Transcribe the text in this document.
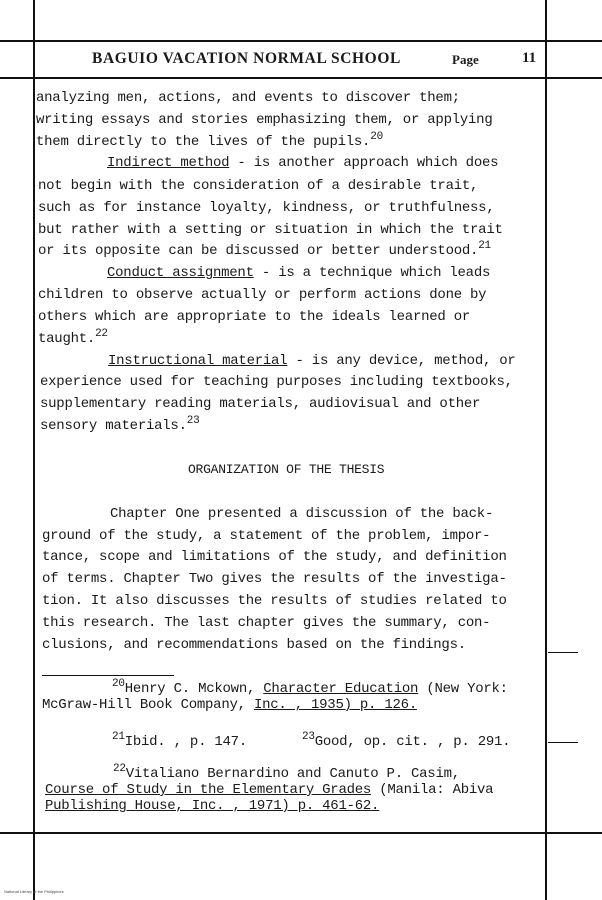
BAGUIO VACATION NORMAL SCHOOL	Page	11
analyzing men, actions, and events to discover them;
writing essays and stories emphasizing them, or applying
them directly to the lives of the pupils.$^{20}$
Indirect method - is another approach which does
not begin with the consideration of a desirable trait,
such as for instance loyalty, kindness, or truthfulness,
but rather with a setting or situation in which the trait
or its opposite can be discussed or better understood.$^{21}$
Conduct assignment - is a technique which leads
children to observe actually or perform actions done by
others which are appropriate to the ideals learned or
taught.$^{22}$
Instructional material - is any device, method, or
experience used for teaching purposes including textbooks,
supplementary reading materials, audiovisual and other
sensory materials.$^{23}$
ORGANIZATION OF THE THESIS
Chapter One presented a discussion of the back-
ground of the study, a statement of the problem, impor-
tance, scope and limitations of the study, and definition
of terms. Chapter Two gives the results of the investiga-
tion. It also discusses the results of studies related to
this research. The last chapter gives the summary, con-
clusions, and recommendations based on the findings.
$^{20}$Henry C. Mckown, Character Education (New York:
McGraw-Hill Book Company, Inc. , 1935) p. 126.
$^{21}$Ibid. , p. 147.	$^{23}$Good, op. cit. , p. 291.
$^{22}$Vitaliano Bernardino and Canuto P. Casim,
Course of Study in the Elementary Grades (Manila: Abiva
Publishing House, Inc. , 1971) p. 461-62.
National Library of the Philippines
